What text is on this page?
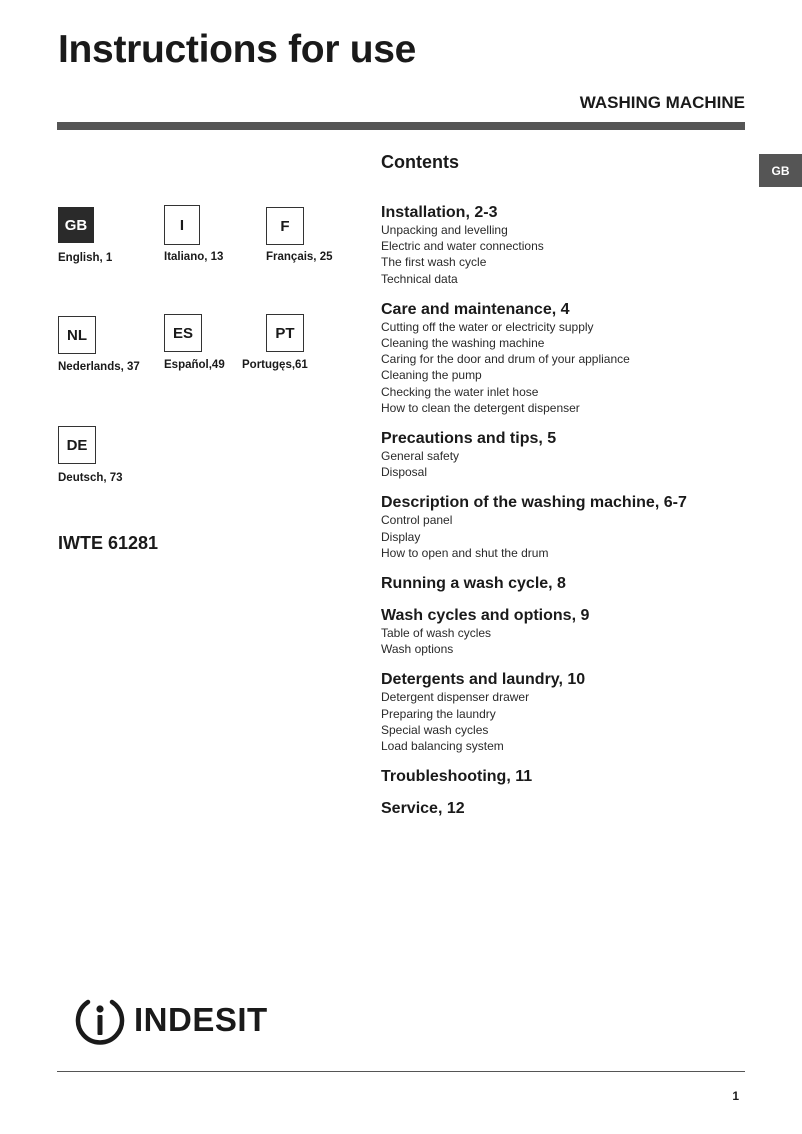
Instructions for use
WASHING MACHINE
GB
GB
English, 1
I
Italiano, 13
F
Français, 25
NL
Nederlands, 37
ES
Español,49
PT
Portugęs,61
DE
Deutsch, 73
IWTE 61281
Contents
Installation, 2-3
Unpacking and levelling
Electric and water connections
The first wash cycle
Technical data
Care and maintenance, 4
Cutting off the water or electricity supply
Cleaning the washing machine
Caring for the door and drum of your appliance
Cleaning the pump
Checking the water inlet hose
How to clean the detergent dispenser
Precautions and tips, 5
General safety
Disposal
Description of the washing machine, 6-7
Control panel
Display
How to open and shut the drum
Running a wash cycle, 8
Wash cycles and options, 9
Table of wash cycles
Wash options
Detergents and laundry, 10
Detergent dispenser drawer
Preparing the laundry
Special wash cycles
Load balancing system
Troubleshooting, 11
Service, 12
INDESIT
1
